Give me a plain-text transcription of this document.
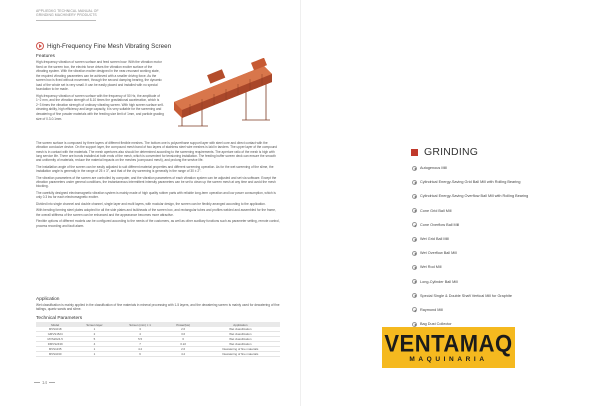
APPLIEDKG TECHNICAL MANUAL OF
GRINDING MACHINERY PRODUCTS
High-Frequency Fine Mesh Vibrating Screen
Features

High-frequency vibration of screen surface and feed screen bow: With the vibration motor fixed on the screen box, the electric force drives the vibration exciter surface of the vibrating system. With the vibration exciter designed in the near-resonant working state, the required vibrating parameters can be achieved with a smaller driving force. As the screen box is fixed without movement, through the second damping bearing, the dynamic load of the whole set is very small. It can be easily placed and installed with no special foundation to be made.

High-frequency vibration of screen surface with the frequency of 50 Hz, the amplitude of 1~2 mm, and the vibration strength of 8-10 times the gravitational acceleration, which is 2~3 times the vibration strength of ordinary vibrating screen. With high screen surface self-cleaning ability, high efficiency and large capacity, it is very suitable for the screening and dewatering of fine powder materials with the feeding size limit of 1mm, and particle grading size of 0.3-0.1mm.

The screen surface is composed by three layers of different flexible meshes. The bottom one is polyurethane support layer with steel core and direct contact with the vibration conducive device. On the support layer, the compound mesh band of two layers of stainless steel wire meshes is laid in tandem. The upper layer of the compound mesh is in contact with the materials. The mesh apertures also should be determined according to the screening requirements. The aperture ratio of the mesh is high with long service life. There are bonds installed at both ends of the mesh, which is convenient for tensioning installation. The feeding buffer screen deck can ensure the smooth and uniformity of materials, reduce the material impacts on the meshes (compound mesh), and prolong the service life.

The installation angle of the screen can be easily adjusted to suit different material properties and different screening operation. As for the wet screening of the slime, the installation angle is generally in the range of 25 ± 3°, and that of the dry screening is generally in the range of 30 ± 2°.

The vibration parameters of the screen are controlled by computer, and the vibration parameters of each vibration system can be adjusted and set via software. Except the vibration parameters under general conditions, the instantaneous intermittent intensity parameters can be set to clean up the screen mesh at any time and avoid the mesh blocking.

The carefully designed electromagnetic vibration system is mainly made of high quality rubber parts with reliable long-term operation and low power consumption, which is only 0.3 kw for each electromagnetic exciter.

Divided into single channel and double channel, single layer and multi layers, with modular design, the screen can be flexibly arranged according to the application.

With bending forming steel plates adopted for all the side plates and bulkheads of the screen box, and rectangular tubes and profiles welded and assembled for the frame, the overall stiffness of the screen can be enhanced and the appearance becomes more attractive.

Flexible options of different models can be configured according to the needs of the customers, as well as other auxiliary functions such as parameter setting, remote control, process recording and fault alarm.

Application
Wet classification is mainly applied in the classification of fine materials in mineral processing with 1-5 layers, and the dewatering screen is mainly used for dewatering of fine tailings, quartz sands and slime.
Technical Parameters
Model	Screen layer	Screen (mm) × 1	Power(kw)	Application
MVS1018	1	3	2.6	Wet classification
GMVS1524	2	4	3.6	Wet classification
MVS2024-5	5	5.5	6	Wet classification
DMVS2439	4	7	0.22	Wet classification
MVS1235	1	4.2	2.6	Dewatering of fine materials
MVS1030	1	6	4.2	Dewatering of fine materials
14
GRINDING
Autogenous Mill
Cylindrical Energy-Saving Grid Ball Mill with Rolling Bearing
Cylindrical Energy-Saving Overflow Ball Mill with Rolling Bearing
Cone Grid Ball Mill
Cone Overflow Ball Mill
Wet Grid Ball Mill
Wet Overflow Ball Mill
Wet Rod Mill
Long-Cylinder Ball Mill
Special Single & Double Shaft Vertical Mill for Graphite
Raymond Mill
Bag Dust Collector
VENTAMAQ
MAQUINARIA
